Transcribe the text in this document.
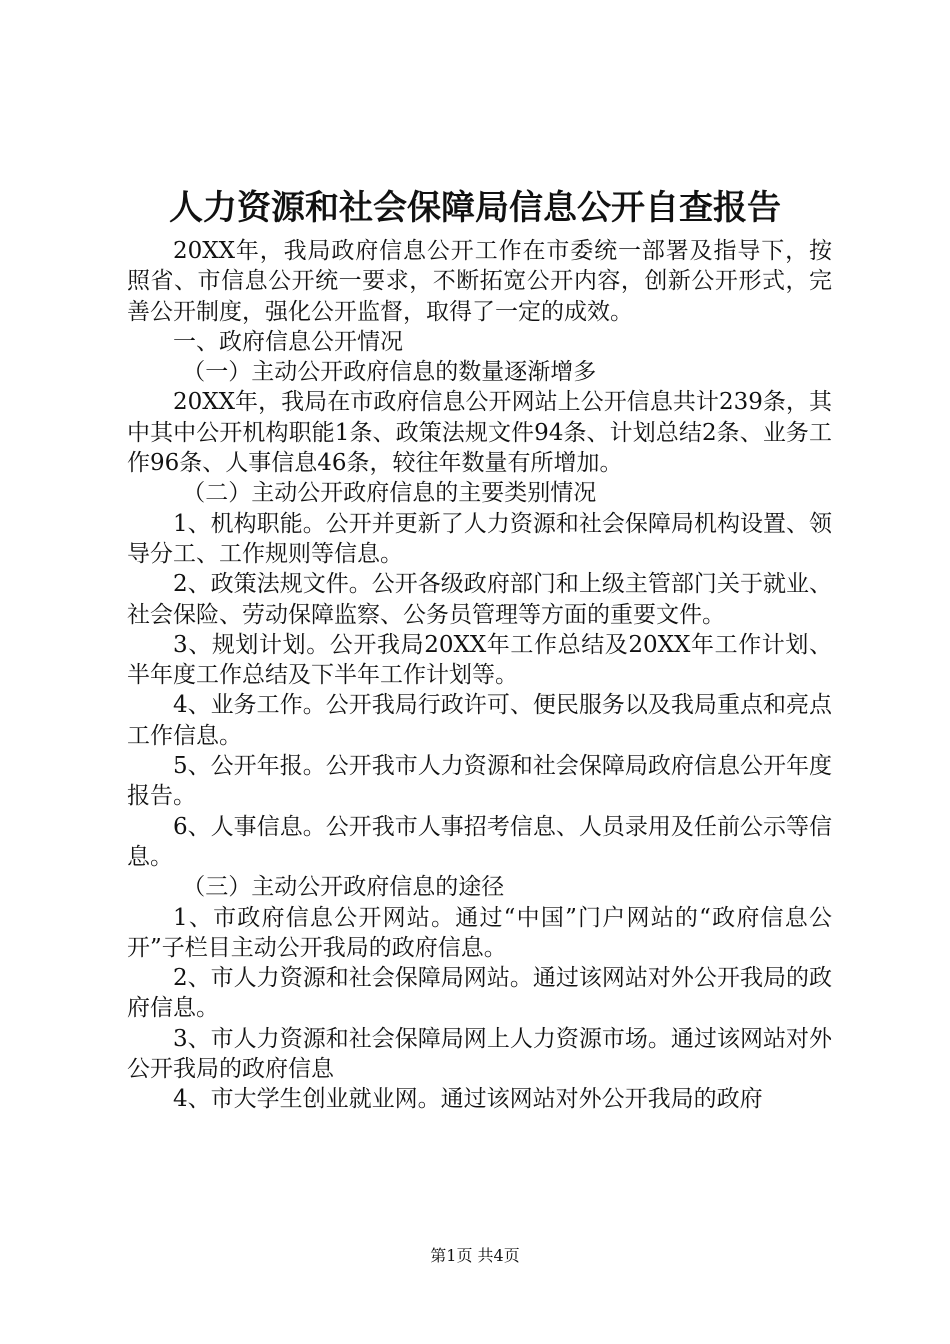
人力资源和社会保障局信息公开自查报告

20XX年，我局政府信息公开工作在市委统一部署及指导下，按照省、市信息公开统一要求，不断拓宽公开内容，创新公开形式，完善公开制度，强化公开监督，取得了一定的成效。

一、政府信息公开情况

（一）主动公开政府信息的数量逐渐增多

20XX年，我局在市政府信息公开网站上公开信息共计239条，其中其中公开机构职能1条、政策法规文件94条、计划总结2条、业务工作96条、人事信息46条，较往年数量有所增加。

（二）主动公开政府信息的主要类别情况

1、机构职能。公开并更新了人力资源和社会保障局机构设置、领导分工、工作规则等信息。

2、政策法规文件。公开各级政府部门和上级主管部门关于就业、社会保险、劳动保障监察、公务员管理等方面的重要文件。

3、规划计划。公开我局20XX年工作总结及20XX年工作计划、半年度工作总结及下半年工作计划等。

4、业务工作。公开我局行政许可、便民服务以及我局重点和亮点工作信息。

5、公开年报。公开我市人力资源和社会保障局政府信息公开年度报告。

6、人事信息。公开我市人事招考信息、人员录用及任前公示等信息。

（三）主动公开政府信息的途径

1、市政府信息公开网站。通过“中国”门户网站的“政府信息公开”子栏目主动公开我局的政府信息。

2、市人力资源和社会保障局网站。通过该网站对外公开我局的政府信息。

3、市人力资源和社会保障局网上人力资源市场。通过该网站对外公开我局的政府信息

4、市大学生创业就业网。通过该网站对外公开我局的政府

第1页 共4页
